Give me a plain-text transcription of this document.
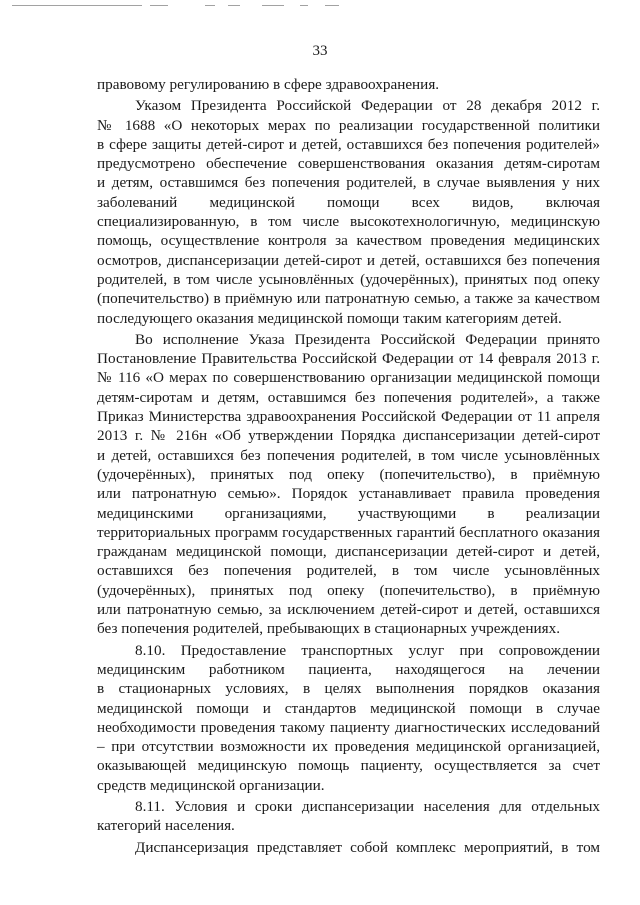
33
правовому регулированию в сфере здравоохранения.
Указом Президента Российской Федерации от 28 декабря 2012 г.
№ 1688 «О некоторых мерах по реализации государственной политики
в сфере защиты детей-сирот и детей, оставшихся без попечения родителей»
предусмотрено обеспечение совершенствования оказания детям-сиротам
и детям, оставшимся без попечения родителей, в случае выявления у них
заболеваний медицинской помощи всех видов, включая
специализированную, в том числе высокотехнологичную, медицинскую
помощь, осуществление контроля за качеством проведения медицинских
осмотров, диспансеризации детей-сирот и детей, оставшихся без попечения
родителей, в том числе усыновлённых (удочерённых), принятых под опеку
(попечительство) в приёмную или патронатную семью, а также за качеством
последующего оказания медицинской помощи таким категориям детей.
Во исполнение Указа Президента Российской Федерации принято
Постановление Правительства Российской Федерации от 14 февраля 2013 г.
№ 116 «О мерах по совершенствованию организации медицинской помощи
детям-сиротам и детям, оставшимся без попечения родителей», а также
Приказ Министерства здравоохранения Российской Федерации от 11 апреля
2013 г. № 216н «Об утверждении Порядка диспансеризации детей-сирот
и детей, оставшихся без попечения родителей, в том числе усыновлённых
(удочерённых), принятых под опеку (попечительство), в приёмную
или патронатную семью». Порядок устанавливает правила проведения
медицинскими организациями, участвующими в реализации
территориальных программ государственных гарантий бесплатного оказания
гражданам медицинской помощи, диспансеризации детей-сирот и детей,
оставшихся без попечения родителей, в том числе усыновлённых
(удочерённых), принятых под опеку (попечительство), в приёмную
или патронатную семью, за исключением детей-сирот и детей, оставшихся
без попечения родителей, пребывающих в стационарных учреждениях.
8.10. Предоставление транспортных услуг при сопровождении
медицинским работником пациента, находящегося на лечении
в стационарных условиях, в целях выполнения порядков оказания
медицинской помощи и стандартов медицинской помощи в случае
необходимости проведения такому пациенту диагностических исследований
– при отсутствии возможности их проведения медицинской организацией,
оказывающей медицинскую помощь пациенту, осуществляется за счет
средств медицинской организации.
8.11. Условия и сроки диспансеризации населения для отдельных
категорий населения.
Диспансеризация представляет собой комплекс мероприятий, в том
